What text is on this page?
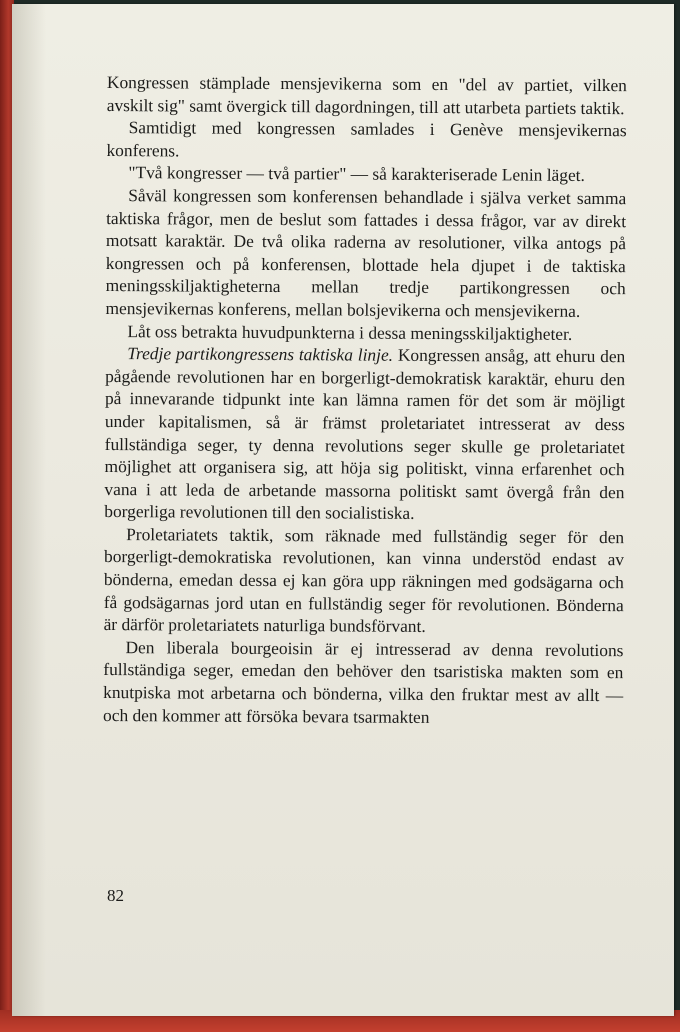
Kongressen stämplade mensjevikerna som en "del av partiet, vilken avskilt sig" samt övergick till dagordningen, till att utarbeta partiets taktik.

Samtidigt med kongressen samlades i Genève mensjevikernas konferens.

"Två kongresser — två partier" — så karakteriserade Lenin läget.

Såväl kongressen som konferensen behandlade i själva verket samma taktiska frågor, men de beslut som fattades i dessa frågor, var av direkt motsatt karaktär. De två olika raderna av resolutioner, vilka antogs på kongressen och på konferensen, blottade hela djupet i de taktiska meningsskiljaktigheterna mellan tredje partikongressen och mensjevikernas konferens, mellan bolsjevikerna och mensjevikerna.

Låt oss betrakta huvudpunkterna i dessa meningsskiljaktigheter.

Tredje partikongressens taktiska linje. Kongressen ansåg, att ehuru den pågående revolutionen har en borgerligt-demokratisk karaktär, ehuru den på innevarande tidpunkt inte kan lämna ramen för det som är möjligt under kapitalismen, så är främst proletariatet intresserat av dess fullständiga seger, ty denna revolutions seger skulle ge proletariatet möjlighet att organisera sig, att höja sig politiskt, vinna erfarenhet och vana i att leda de arbetande massorna politiskt samt övergå från den borgerliga revolutionen till den socialistiska.

Proletariatets taktik, som räknade med fullständig seger för den borgerligt-demokratiska revolutionen, kan vinna understöd endast av bönderna, emedan dessa ej kan göra upp räkningen med godsägarna och få godsägarnas jord utan en fullständig seger för revolutionen. Bönderna är därför proletariatets naturliga bundsförvant.

Den liberala bourgeoisin är ej intresserad av denna revolutions fullständiga seger, emedan den behöver den tsaristiska makten som en knutpiska mot arbetarna och bönderna, vilka den fruktar mest av allt — och den kommer att försöka bevara tsarmakten

82
